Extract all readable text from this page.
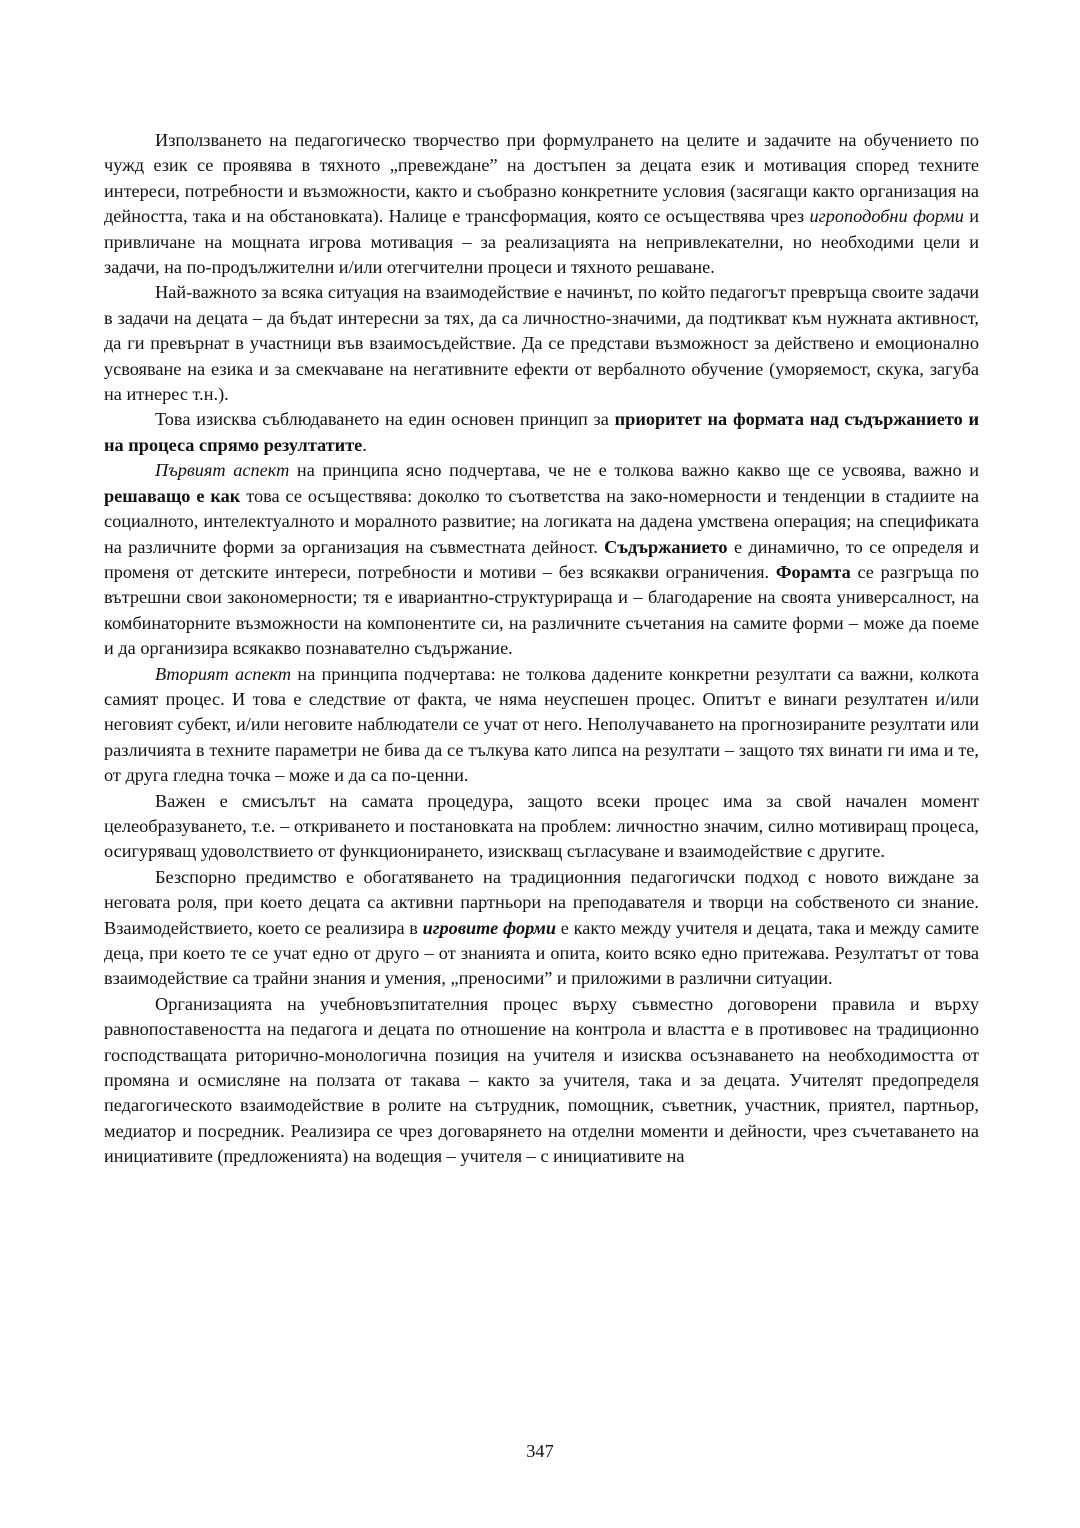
Използването на педагогическо творчество при формулрането на целите и задачите на обучението по чужд език се проявява в тяхното „превеждане” на достъпен за децата език и мотивация според техните интереси, потребности и възможности, както и съобразно конкретните условия (засягащи както организация на дейността, така и на обстановката). Налице е трансформация, която се осъществява чрез игроподобни форми и привличане на мощната игрова мотивация – за реализацията на непривлекателни, но необходими цели и задачи, на по-продължителни и/или отегчителни процеси и тяхното решаване.

Най-важното за всяка ситуация на взаимодействие е начинът, по който педагогът превръща своите задачи в задачи на децата – да бъдат интересни за тях, да са личностно-значими, да подтикват към нужната активност, да ги превърнат в участници във взаимосъдействие. Да се представи възможност за действено и емоционално усвояване на езика и за смекчаване на негативните ефекти от вербалното обучение (умоpяемост, скука, загуба на итнерес т.н.).

Това изисква съблюдаването на един основен принцип за приоритет на формата над съдържанието и на процеса спрямо резултатите.

Първият аспект на принципа ясно подчертава, че не е толкова важно какво ще се усвоява, важно и решаващо е как това се осъществява: доколко то съответства на зако-номерности и тенденции в стадиите на социалното, интелектуалното и моралното развитие; на логиката на дадена умствена операция; на спецификата на различните форми за организация на съвместната дейност. Съдържанието е динамично, то се определя и променя от детските интереси, потребности и мотиви – без всякакви ограничения. Форамта се разгръща по вътрешни свои закономерности; тя е ивариантно-структурираща и – благодарение на своята универсалност, на комбинаторните възможности на компонентите си, на различните съчетания на самите форми – може да поеме и да организира всякакво познавателно съдържание.

Вторият аспект на принципа подчертава: не толкова дадените конкретни резултати са важни, колкота самият процес. И това е следствие от факта, че няма неуспешен процес. Опитът е винаги резултатен и/или неговият субект, и/или неговите наблюдатели се учат от него. Неполучаването на прогнозираните резултати или различията в техните параметри не бива да се тълкува като липса на резултати – защото тях винати ги има и те, от друга гледна точка – може и да са по-ценни.

Важен е смисълът на самата процедура, защото всеки процес има за свой начален момент целеобразуването, т.е. – откриването и постановката на проблем: личностно значим, силно мотивиращ процеса, осигуряващ удоволствието от функционирането, изискващ съгласуване и взаимодействие с другите.

Безспорно предимство е обогатяването на традиционния педагогичски подход с новото виждане за неговата роля, при което децата са активни партньори на преподавателя и творци на собственото си знание. Взаимодействието, което се реализира в игровите форми е както между учителя и децата, така и между самите деца, при което те се учат едно от друго – от знанията и опита, които всяко едно притежава. Резултатът от това взаимодействие са трайни знания и умения, „преносими” и приложими в различни ситуации.

Организацията на учебновъзпитателния процес върху съвместно договорени правила и върху равнопоставеността на педагога и децата по отношение на контрола и властта е в противовес на традиционно господстващата риторично-монологична позиция на учителя и изисква осъзнаването на необходимостта от промяна и осмисляне на ползата от такава – както за учителя, така и за децата. Учителят предопределя педагогическото взаимодействие в ролите на сътрудник, помощник, съветник, участник, приятел, партньор, медиатор и посредник. Реализира се чрез договарянето на отделни моменти и дейности, чрез съчетаването на инициативите (предложенията) на водещия – учителя – с инициативите на

347
